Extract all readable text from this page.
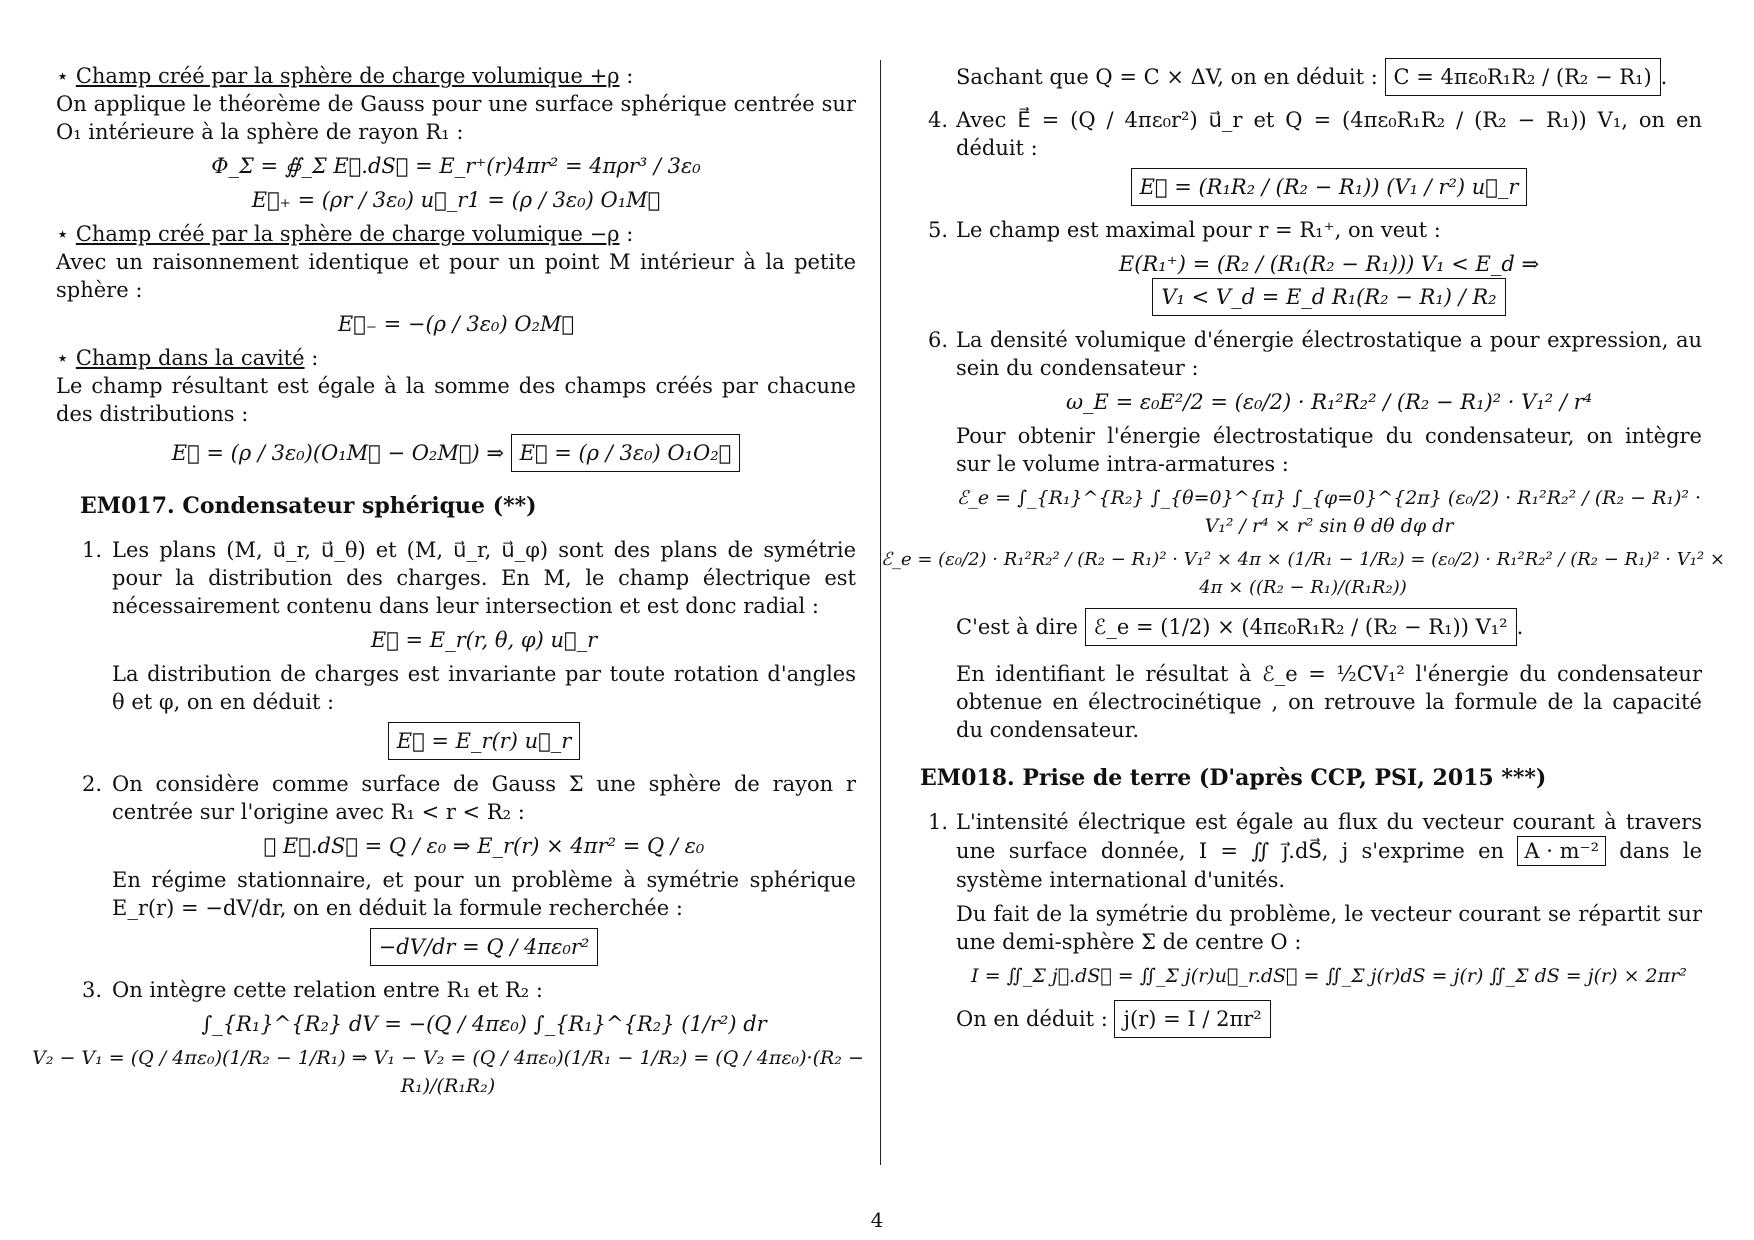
⋆ Champ créé par la sphère de charge volumique +ρ :

On applique le théorème de Gauss pour une surface sphérique centrée sur O₁ intérieure à la sphère de rayon R₁ :

Φ_Σ = ∯_Σ E⃗.dS⃗ = E_r⁺(r)4πr² = 4πρr³ / 3ε₀
E⃗₊ = (ρr / 3ε₀) u⃗_r1 = (ρ / 3ε₀) O₁M⃗

⋆ Champ créé par la sphère de charge volumique −ρ :

Avec un raisonnement identique et pour un point M intérieur à la petite sphère :

E⃗₋ = −(ρ / 3ε₀) O₂M⃗

⋆ Champ dans la cavité :

Le champ résultant est égale à la somme des champs créés par chacune des distributions :

E⃗ = (ρ / 3ε₀)(O₁M⃗ − O₂M⃗) ⇒ E⃗ = (ρ / 3ε₀) O₁O₂⃗
EM017. Condensateur sphérique (**)
1. Les plans (M, u⃗_r, u⃗_θ) et (M, u⃗_r, u⃗_φ) sont des plans de symétrie pour la distribution des charges. En M, le champ électrique est nécessairement contenu dans leur intersection et est donc radial :

E⃗ = E_r(r, θ, φ) u⃗_r

La distribution de charges est invariante par toute rotation d'angles θ et φ, on en déduit :

E⃗ = E_r(r) u⃗_r
2. On considère comme surface de Gauss Σ une sphère de rayon r centrée sur l'origine avec R₁ < r < R₂ :

∯ E⃗.dS⃗ = Q / ε₀ ⇒ E_r(r) × 4πr² = Q / ε₀

En régime stationnaire, et pour un problème à symétrie sphérique E_r(r) = −dV/dr, on en déduit la formule recherchée :

−dV/dr = Q / 4πε₀r²
3. On intègre cette relation entre R₁ et R₂ :

∫_{R₁}^{R₂} dV = −(Q / 4πε₀) ∫_{R₁}^{R₂} (1/r²) dr
V₂ − V₁ = (Q / 4πε₀)(1/R₂ − 1/R₁) ⇒ V₁ − V₂ = (Q / 4πε₀)(1/R₁ − 1/R₂) = (Q / 4πε₀)·(R₂ − R₁)/(R₁R₂)

Sachant que Q = C × ΔV, on en déduit : C = 4πε₀R₁R₂ / (R₂ − R₁) .

4. Avec E⃗ = (Q / 4πε₀r²) u⃗_r et Q = (4πε₀R₁R₂ / (R₂ − R₁)) V₁, on en déduit :

E⃗ = (R₁R₂ / (R₂ − R₁)) (V₁ / r²) u⃗_r
5. Le champ est maximal pour r = R₁⁺, on veut :

E(R₁⁺) = (R₂ / (R₁(R₂ − R₁))) V₁ < E_d ⇒ V₁ < V_d = E_d R₁(R₂ − R₁) / R₂
6. La densité volumique d'énergie électrostatique a pour expression, au sein du condensateur :

ω_E = ε₀E²/2 = (ε₀/2) · R₁²R₂² / (R₂ − R₁)² · V₁² / r⁴

Pour obtenir l'énergie électrostatique du condensateur, on intègre sur le volume intra-armatures :

ℰ_e = ∫_{R₁}^{R₂} ∫_{θ=0}^{π} ∫_{φ=0}^{2π} (ε₀/2) · R₁²R₂² / (R₂ − R₁)² · V₁² / r⁴ × r² sin θ dθ dφ dr
ℰ_e = (ε₀/2) · R₁²R₂² / (R₂ − R₁)² · V₁² × 4π × (1/R₁ − 1/R₂) = (ε₀/2) · R₁²R₂² / (R₂ − R₁)² · V₁² × 4π × ((R₂ − R₁)/(R₁R₂))

C'est à dire ℰ_e = (1/2) × (4πε₀R₁R₂ / (R₂ − R₁)) V₁² .

En identifiant le résultat à ℰ_e = ½CV₁² l'énergie du condensateur obtenue en électrocinétique , on retrouve la formule de la capacité du condensateur.

EM018. Prise de terre (D'après CCP, PSI, 2015 ***)
1. L'intensité électrique est égale au flux du vecteur courant à travers une surface donnée, I = ∬ j⃗.dS⃗, j s'exprime en A · m⁻² dans le système international d'unités.

Du fait de la symétrie du problème, le vecteur courant se répartit sur une demi-sphère Σ de centre O :

I = ∬_Σ j⃗.dS⃗ = ∬_Σ j(r)u⃗_r.dS⃗ = ∬_Σ j(r)dS = j(r) ∬_Σ dS = j(r) × 2πr²

On en déduit : j(r) = I / 2πr²

4
